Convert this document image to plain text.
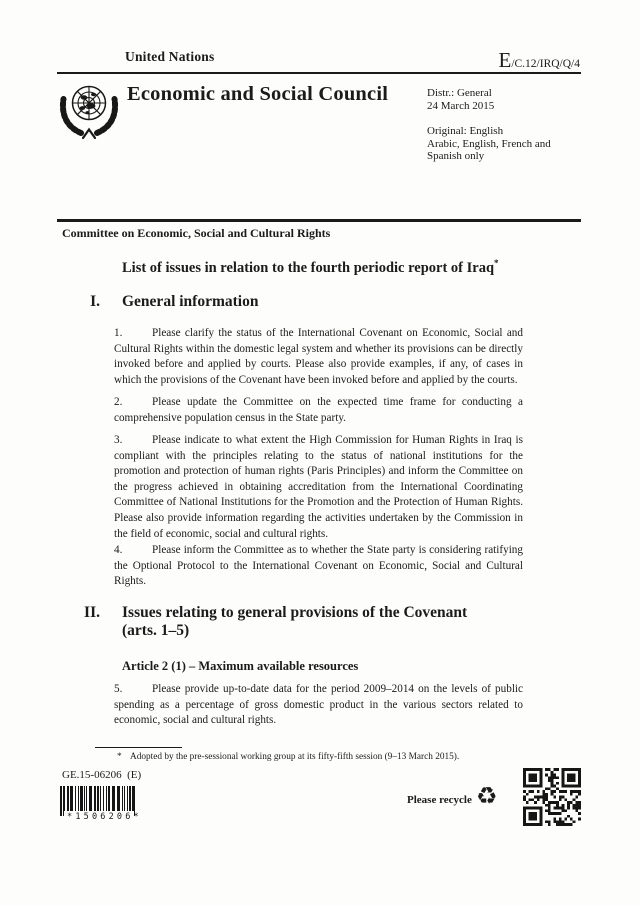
United Nations	E/C.12/IRQ/Q/4
Economic and Social Council	Distr.: General
24 March 2015
Original: English
Arabic, English, French and Spanish only
Committee on Economic, Social and Cultural Rights
List of issues in relation to the fourth periodic report of Iraq*
I. General information
1.	Please clarify the status of the International Covenant on Economic, Social and Cultural Rights within the domestic legal system and whether its provisions can be directly invoked before and applied by courts. Please also provide examples, if any, of cases in which the provisions of the Covenant have been invoked before and applied by the courts.
2.	Please update the Committee on the expected time frame for conducting a comprehensive population census in the State party.
3.	Please indicate to what extent the High Commission for Human Rights in Iraq is compliant with the principles relating to the status of national institutions for the promotion and protection of human rights (Paris Principles) and inform the Committee on the progress achieved in obtaining accreditation from the International Coordinating Committee of National Institutions for the Promotion and the Protection of Human Rights. Please also provide information regarding the activities undertaken by the Commission in the field of economic, social and cultural rights.
4.	Please inform the Committee as to whether the State party is considering ratifying the Optional Protocol to the International Covenant on Economic, Social and Cultural Rights.
II. Issues relating to general provisions of the Covenant (arts. 1–5)
Article 2 (1) – Maximum available resources
5.	Please provide up-to-date data for the period 2009–2014 on the levels of public spending as a percentage of gross domestic product in the various sectors related to economic, social and cultural rights.
* Adopted by the pre-sessional working group at its fifty-fifth session (9–13 March 2015).
GE.15-06206  (E)
*1506206*
Please recycle ♻
